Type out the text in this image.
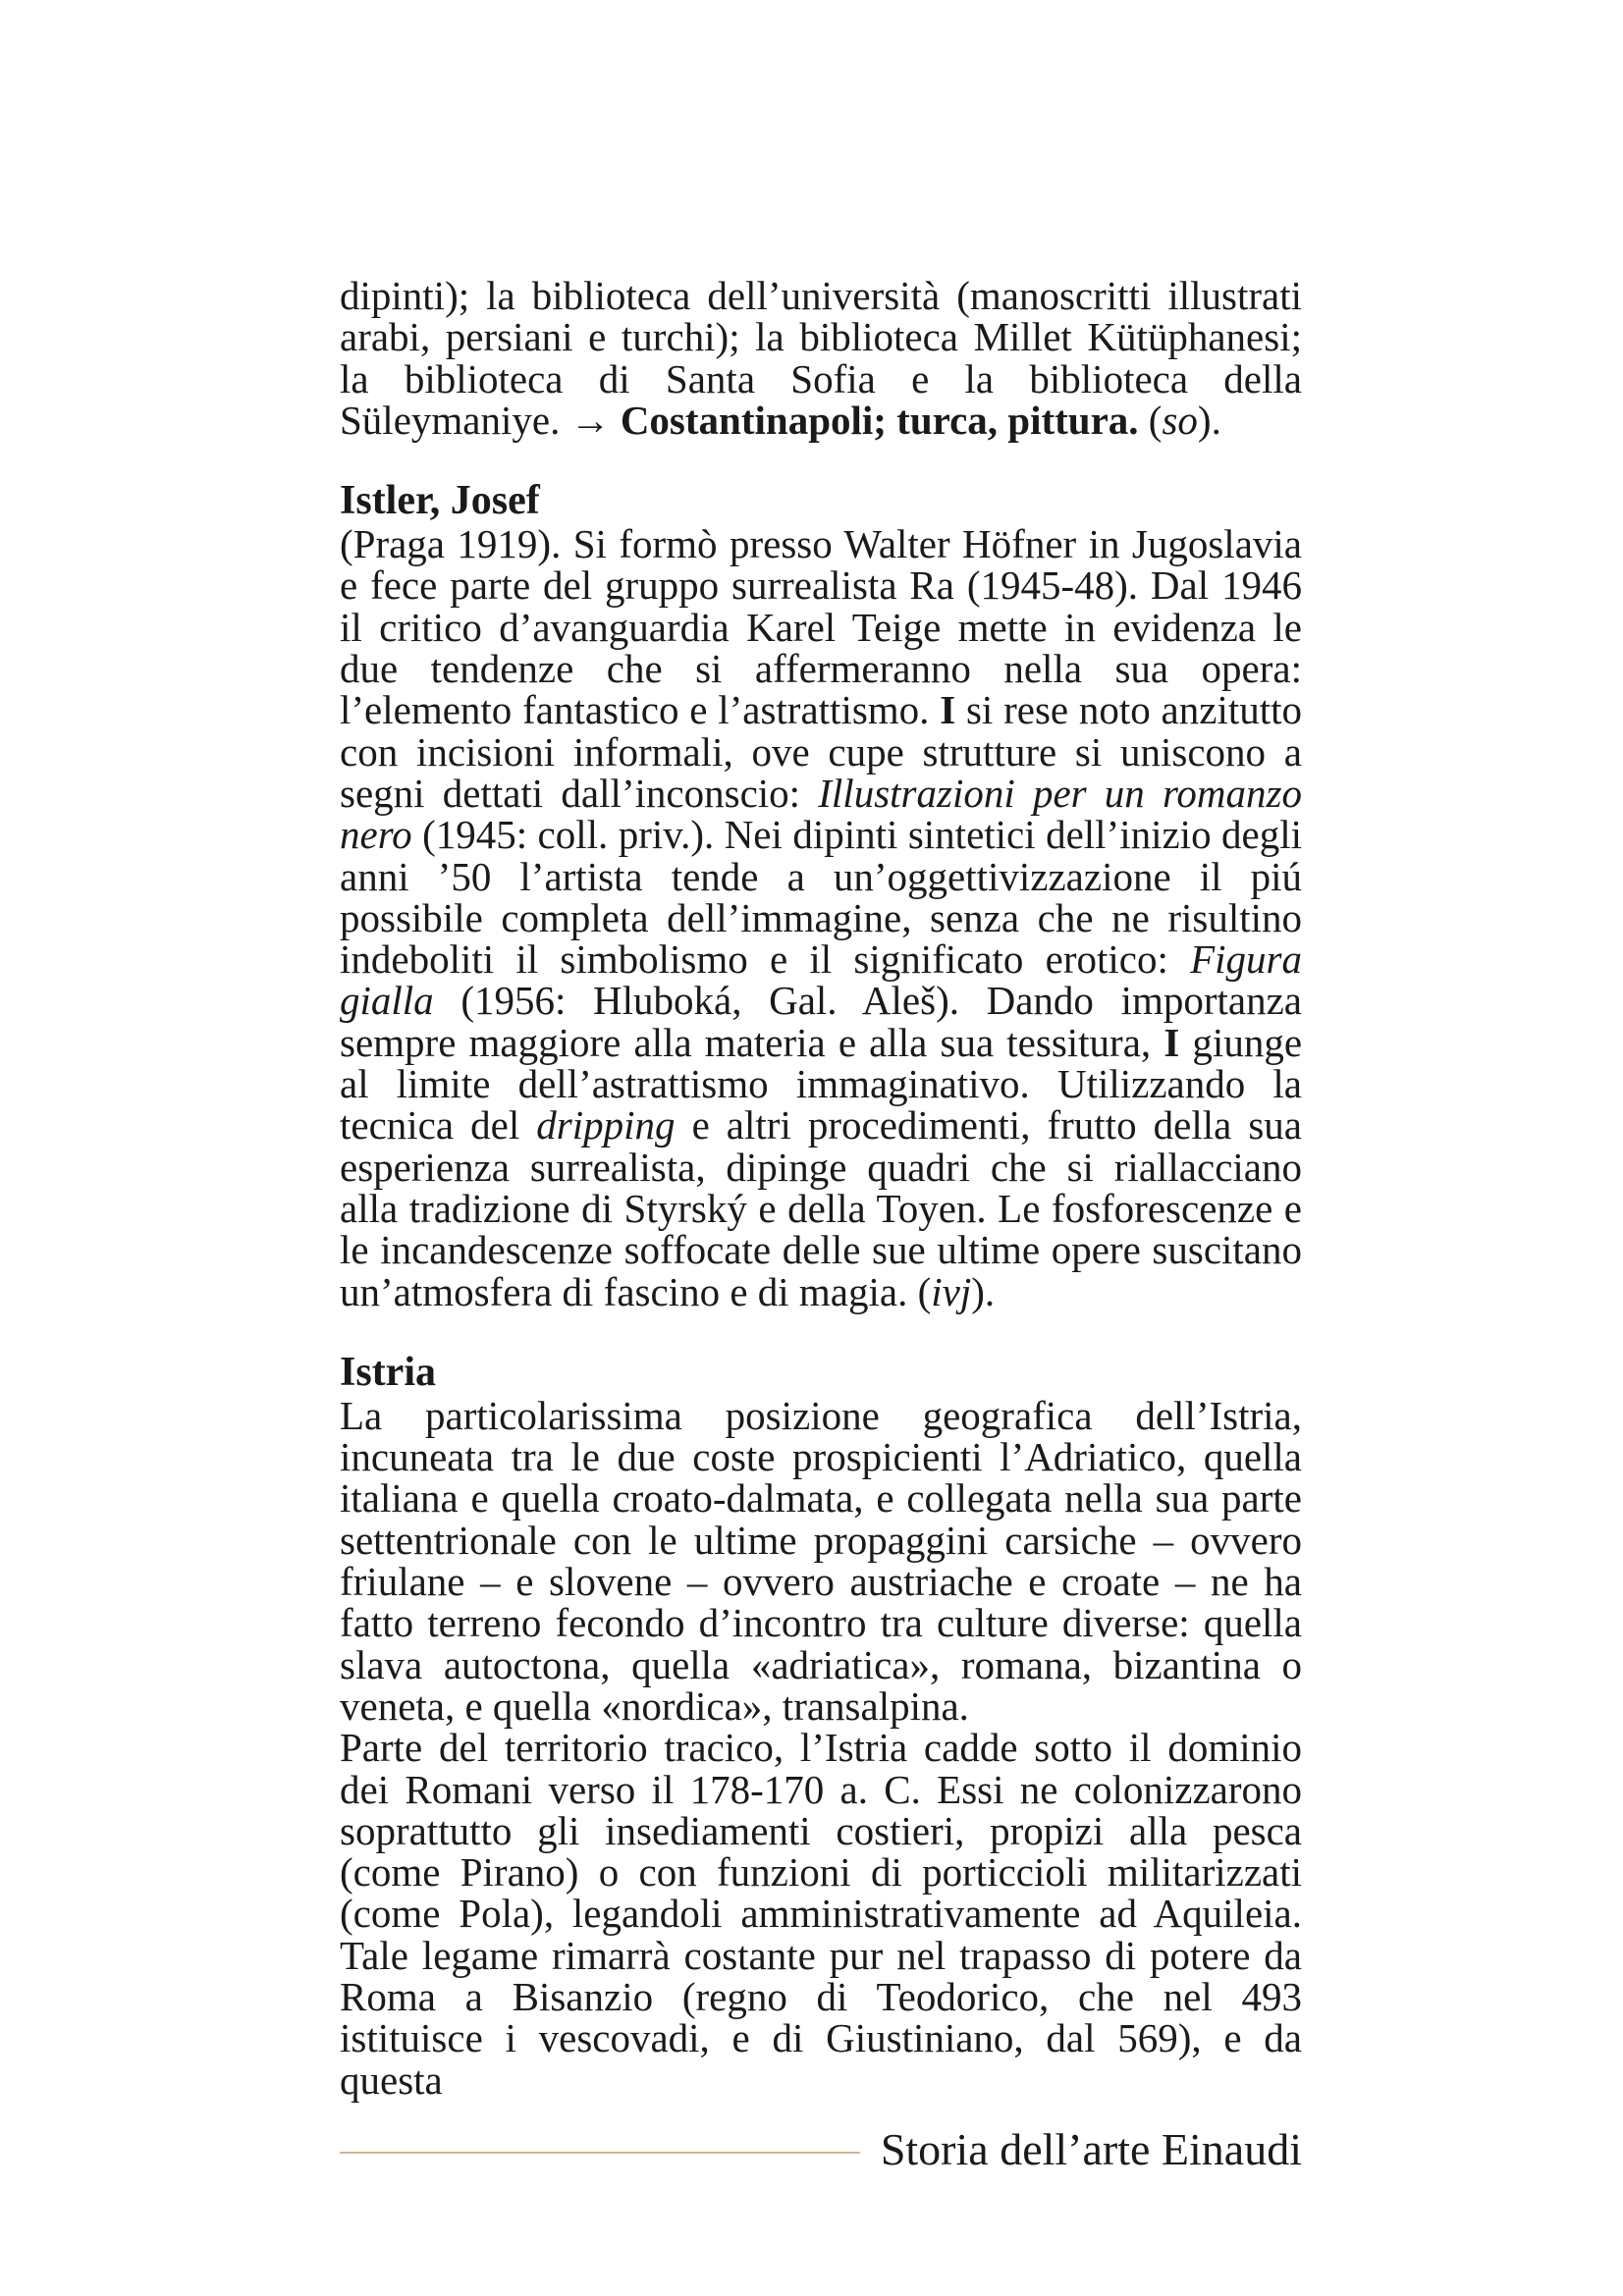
dipinti); la biblioteca dell’università (manoscritti illustrati arabi, persiani e turchi); la biblioteca Millet Kütüphanesi; la biblioteca di Santa Sofia e la biblioteca della Süleymaniye. → Costantinapoli; turca, pittura. (so).

Istler, Josef

(Praga 1919). Si formò presso Walter Höfner in Jugoslavia e fece parte del gruppo surrealista Ra (1945-48). Dal 1946 il critico d’avanguardia Karel Teige mette in evidenza le due tendenze che si affermeranno nella sua opera: l’elemento fantastico e l’astrattismo. I si rese noto anzitutto con incisioni informali, ove cupe strutture si uniscono a segni dettati dall’inconscio: Illustrazioni per un romanzo nero (1945: coll. priv.). Nei dipinti sintetici dell’inizio degli anni ’50 l’artista tende a un’oggettivizzazione il piú possibile completa dell’immagine, senza che ne risultino indeboliti il simbolismo e il significato erotico: Figura gialla (1956: Hluboká, Gal. Aleš). Dando importanza sempre maggiore alla materia e alla sua tessitura, I giunge al limite dell’astrattismo immaginativo. Utilizzando la tecnica del dripping e altri procedimenti, frutto della sua esperienza surrealista, dipinge quadri che si riallacciano alla tradizione di Styrský e della Toyen. Le fosforescenze e le incandescenze soffocate delle sue ultime opere suscitano un’atmosfera di fascino e di magia. (ivj).

Istria

La particolarissima posizione geografica dell’Istria, incuneata tra le due coste prospicienti l’Adriatico, quella italiana e quella croato-dalmata, e collegata nella sua parte settentrionale con le ultime propaggini carsiche – ovvero friulane – e slovene – ovvero austriache e croate – ne ha fatto terreno fecondo d’incontro tra culture diverse: quella slava autoctona, quella «adriatica», romana, bizantina o veneta, e quella «nordica», transalpina.

Parte del territorio tracico, l’Istria cadde sotto il dominio dei Romani verso il 178-170 a. C. Essi ne colonizzarono soprattutto gli insediamenti costieri, propizi alla pesca (come Pirano) o con funzioni di porticcioli militarizzati (come Pola), legandoli amministrativamente ad Aquileia. Tale legame rimarrà costante pur nel trapasso di potere da Roma a Bisanzio (regno di Teodorico, che nel 493 istituisce i vescovadi, e di Giustiniano, dal 569), e da questa

Storia dell’arte Einaudi
